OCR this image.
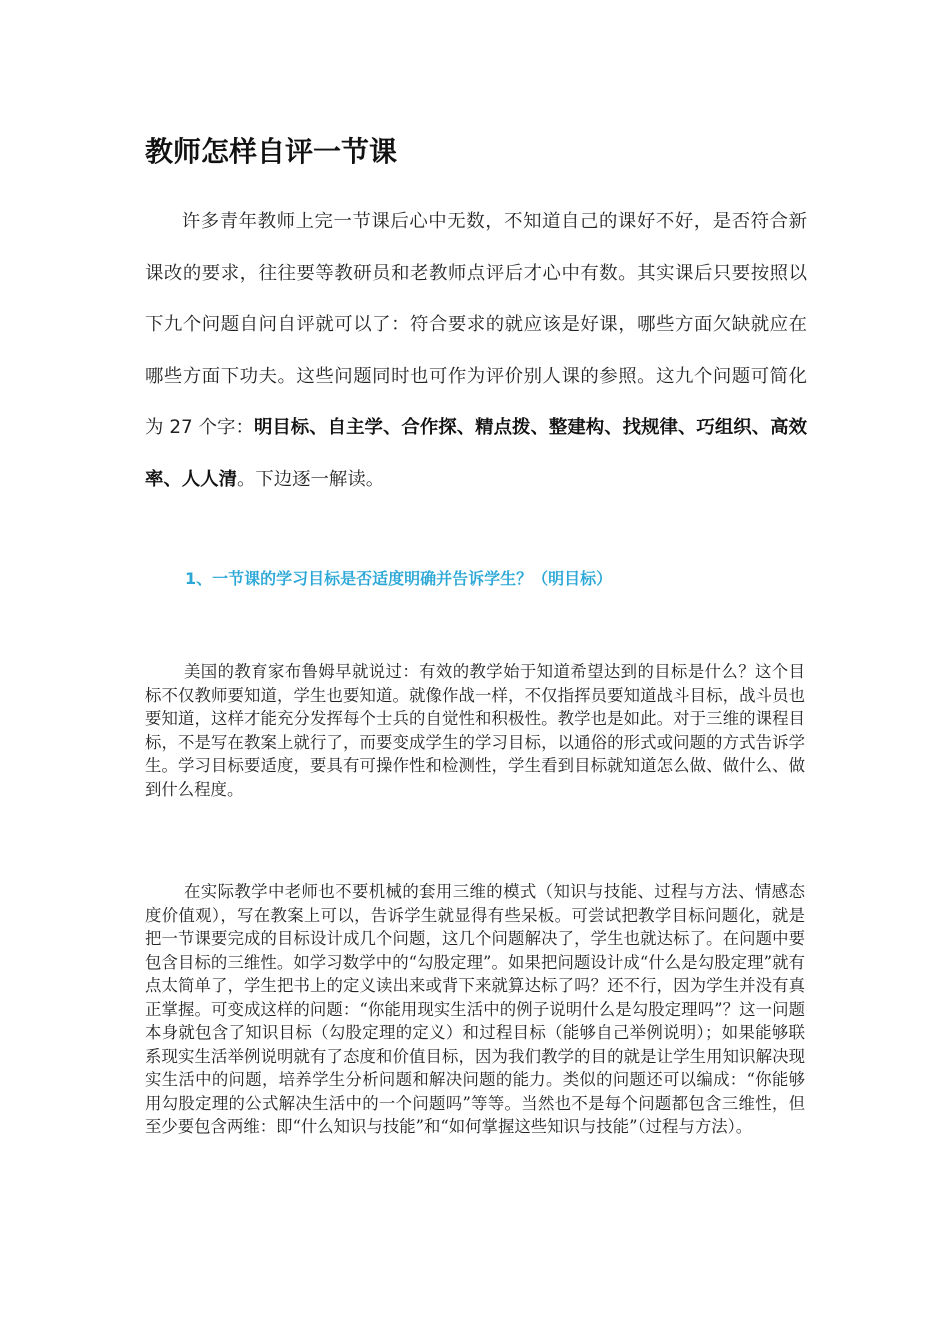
教师怎样自评一节课

许多青年教师上完一节课后心中无数，不知道自己的课好不好，是否符合新课改的要求，往往要等教研员和老教师点评后才心中有数。其实课后只要按照以下九个问题自问自评就可以了：符合要求的就应该是好课，哪些方面欠缺就应在哪些方面下功夫。这些问题同时也可作为评价别人课的参照。这九个问题可简化为 27 个字：明目标、自主学、合作探、精点拨、整建构、找规律、巧组织、高效率、人人清。下边逐一解读。

1、一节课的学习目标是否适度明确并告诉学生？（明目标）

美国的教育家布鲁姆早就说过：有效的教学始于知道希望达到的目标是什么？这个目标不仅教师要知道，学生也要知道。就像作战一样，不仅指挥员要知道战斗目标，战斗员也要知道，这样才能充分发挥每个士兵的自觉性和积极性。教学也是如此。对于三维的课程目标，不是写在教案上就行了，而要变成学生的学习目标，以通俗的形式或问题的方式告诉学生。学习目标要适度，要具有可操作性和检测性，学生看到目标就知道怎么做、做什么、做到什么程度。

在实际教学中老师也不要机械的套用三维的模式（知识与技能、过程与方法、情感态度价值观），写在教案上可以，告诉学生就显得有些呆板。可尝试把教学目标问题化，就是把一节课要完成的目标设计成几个问题，这几个问题解决了，学生也就达标了。在问题中要包含目标的三维性。如学习数学中的“勾股定理”。如果把问题设计成“什么是勾股定理”就有点太简单了，学生把书上的定义读出来或背下来就算达标了吗？还不行，因为学生并没有真正掌握。可变成这样的问题：“你能用现实生活中的例子说明什么是勾股定理吗”？这一问题本身就包含了知识目标（勾股定理的定义）和过程目标（能够自己举例说明）；如果能够联系现实生活举例说明就有了态度和价值目标，因为我们教学的目的就是让学生用知识解决现实生活中的问题，培养学生分析问题和解决问题的能力。类似的问题还可以编成：“你能够用勾股定理的公式解决生活中的一个问题吗”等等。当然也不是每个问题都包含三维性，但至少要包含两维：即“什么知识与技能”和“如何掌握这些知识与技能”（过程与方法）。
